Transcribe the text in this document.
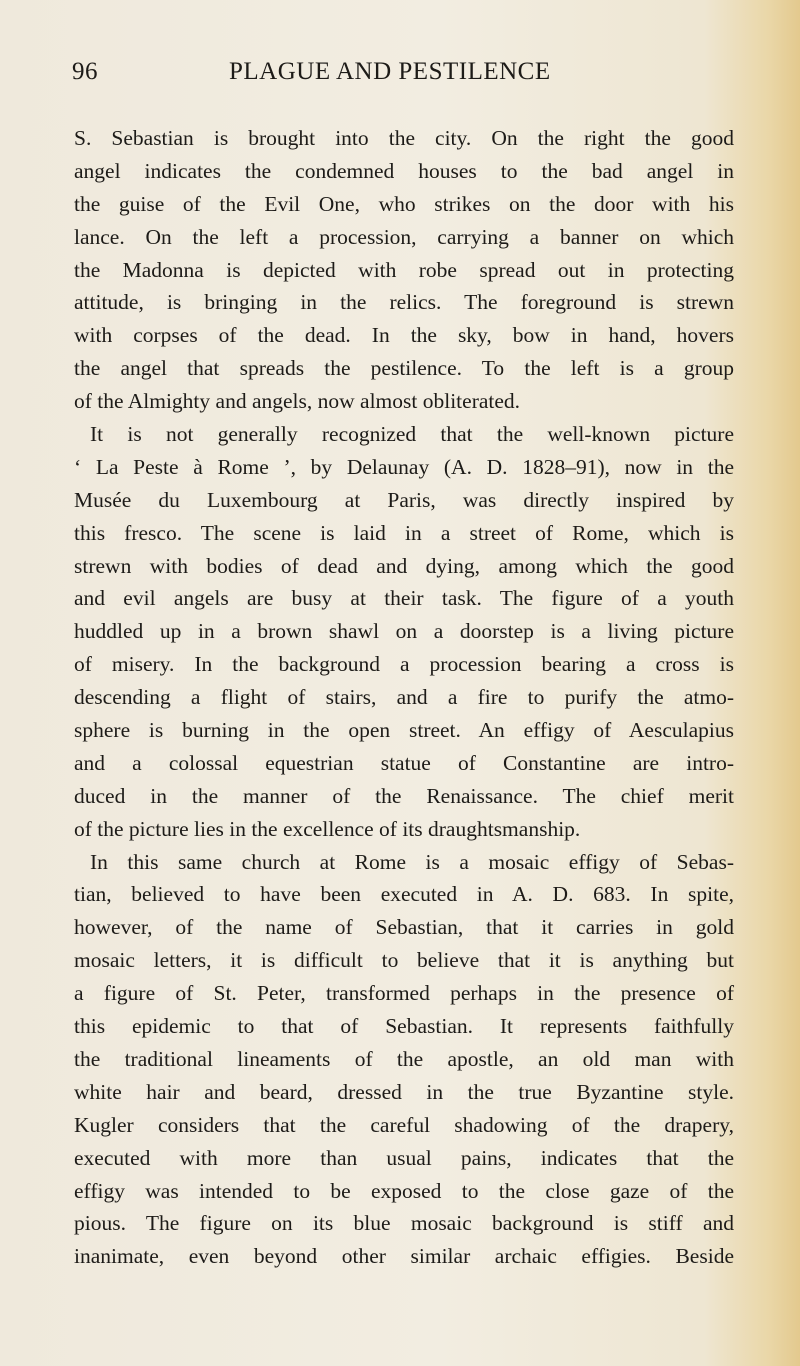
96	PLAGUE AND PESTILENCE
S. Sebastian is brought into the city. On the right the good
angel indicates the condemned houses to the bad angel in
the guise of the Evil One, who strikes on the door with his
lance. On the left a procession, carrying a banner on which
the Madonna is depicted with robe spread out in protecting
attitude, is bringing in the relics. The foreground is strewn
with corpses of the dead. In the sky, bow in hand, hovers
the angel that spreads the pestilence. To the left is a group
of the Almighty and angels, now almost obliterated.
It is not generally recognized that the well-known picture
‘ La Peste à Rome ’, by Delaunay (A. D. 1828–91), now in the
Musée du Luxembourg at Paris, was directly inspired by
this fresco. The scene is laid in a street of Rome, which is
strewn with bodies of dead and dying, among which the good
and evil angels are busy at their task. The figure of a youth
huddled up in a brown shawl on a doorstep is a living picture
of misery. In the background a procession bearing a cross is
descending a flight of stairs, and a fire to purify the atmo-
sphere is burning in the open street. An effigy of Aesculapius
and a colossal equestrian statue of Constantine are intro-
duced in the manner of the Renaissance. The chief merit
of the picture lies in the excellence of its draughtsmanship.
In this same church at Rome is a mosaic effigy of Sebas-
tian, believed to have been executed in A. D. 683. In spite,
however, of the name of Sebastian, that it carries in gold
mosaic letters, it is difficult to believe that it is anything but
a figure of St. Peter, transformed perhaps in the presence of
this epidemic to that of Sebastian. It represents faithfully
the traditional lineaments of the apostle, an old man with
white hair and beard, dressed in the true Byzantine style.
Kugler considers that the careful shadowing of the drapery,
executed with more than usual pains, indicates that the
effigy was intended to be exposed to the close gaze of the
pious. The figure on its blue mosaic background is stiff and
inanimate, even beyond other similar archaic effigies. Beside
